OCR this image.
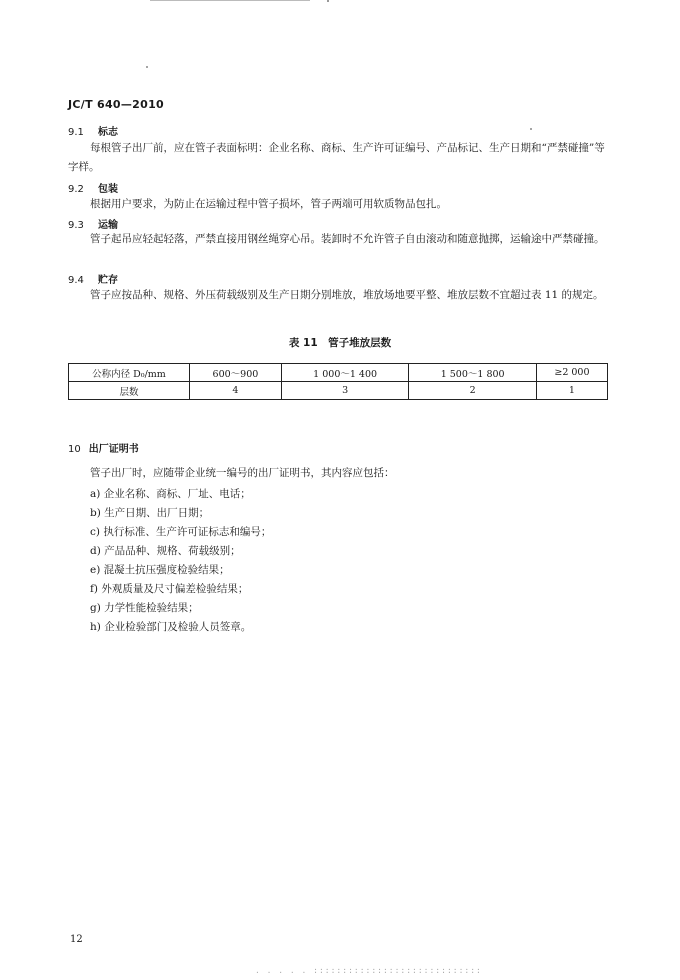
JC/T 640—2010
9.1 标志
每根管子出厂前，应在管子表面标明：企业名称、商标、生产许可证编号、产品标记、生产日期和“严禁碰撞”等字样。
9.2 包装
根据用户要求，为防止在运输过程中管子损坏，管子两端可用软质物品包扎。
9.3 运输
管子起吊应轻起轻落，严禁直接用钢丝绳穿心吊。装卸时不允许管子自由滚动和随意抛掷，运输途中严禁碰撞。
9.4 贮存
管子应按品种、规格、外压荷载级别及生产日期分别堆放，堆放场地要平整、堆放层数不宜超过表 11 的规定。
表 11　管子堆放层数
公称内径 D₀/mm	600～900	1 000～1 400	1 500～1 800	≥2 000
层数	4	3	2	1
10 出厂证明书
管子出厂时，应随带企业统一编号的出厂证明书，其内容应包括：
a) 企业名称、商标、厂址、电话；
b) 生产日期、出厂日期；
c) 执行标准、生产许可证标志和编号；
d) 产品品种、规格、荷载级别；
e) 混凝土抗压强度检验结果；
f) 外观质量及尺寸偏差检验结果；
g) 力学性能检验结果；
h) 企业检验部门及检验人员签章。
12
. . . . . :::::::::::::::::::::::::::::
